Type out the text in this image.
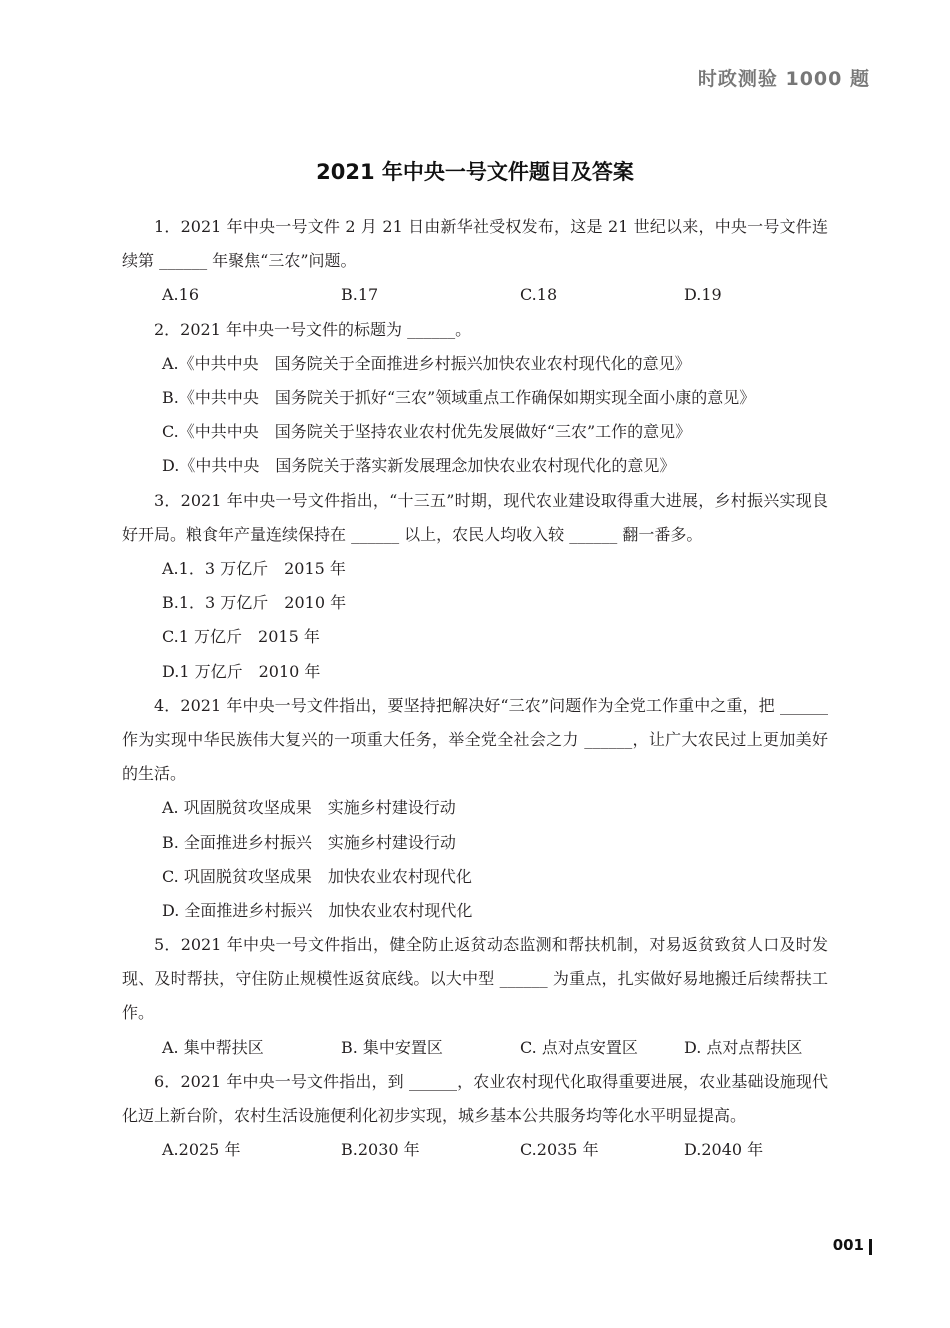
时政测验 1000 题
2021 年中央一号文件题目及答案
1．2021 年中央一号文件 2 月 21 日由新华社受权发布，这是 21 世纪以来，中央一号文件连续第 ______ 年聚焦“三农”问题。
A.16	B.17	C.18	D.19
2．2021 年中央一号文件的标题为 ______。
A.《中共中央　国务院关于全面推进乡村振兴加快农业农村现代化的意见》
B.《中共中央　国务院关于抓好“三农”领域重点工作确保如期实现全面小康的意见》
C.《中共中央　国务院关于坚持农业农村优先发展做好“三农”工作的意见》
D.《中共中央　国务院关于落实新发展理念加快农业农村现代化的意见》
3．2021 年中央一号文件指出，“十三五”时期，现代农业建设取得重大进展，乡村振兴实现良好开局。粮食年产量连续保持在 ______ 以上，农民人均收入较 ______ 翻一番多。
A.1．3 万亿斤　2015 年
B.1．3 万亿斤　2010 年
C.1 万亿斤　2015 年
D.1 万亿斤　2010 年
4．2021 年中央一号文件指出，要坚持把解决好“三农”问题作为全党工作重中之重，把 ______ 作为实现中华民族伟大复兴的一项重大任务，举全党全社会之力 ______，让广大农民过上更加美好的生活。
A. 巩固脱贫攻坚成果　实施乡村建设行动
B. 全面推进乡村振兴　实施乡村建设行动
C. 巩固脱贫攻坚成果　加快农业农村现代化
D. 全面推进乡村振兴　加快农业农村现代化
5．2021 年中央一号文件指出，健全防止返贫动态监测和帮扶机制，对易返贫致贫人口及时发现、及时帮扶，守住防止规模性返贫底线。以大中型 ______ 为重点，扎实做好易地搬迁后续帮扶工作。
A. 集中帮扶区	B. 集中安置区	C. 点对点安置区	D. 点对点帮扶区
6．2021 年中央一号文件指出，到 ______，农业农村现代化取得重要进展，农业基础设施现代化迈上新台阶，农村生活设施便利化初步实现，城乡基本公共服务均等化水平明显提高。
A.2025 年	B.2030 年	C.2035 年	D.2040 年
001
